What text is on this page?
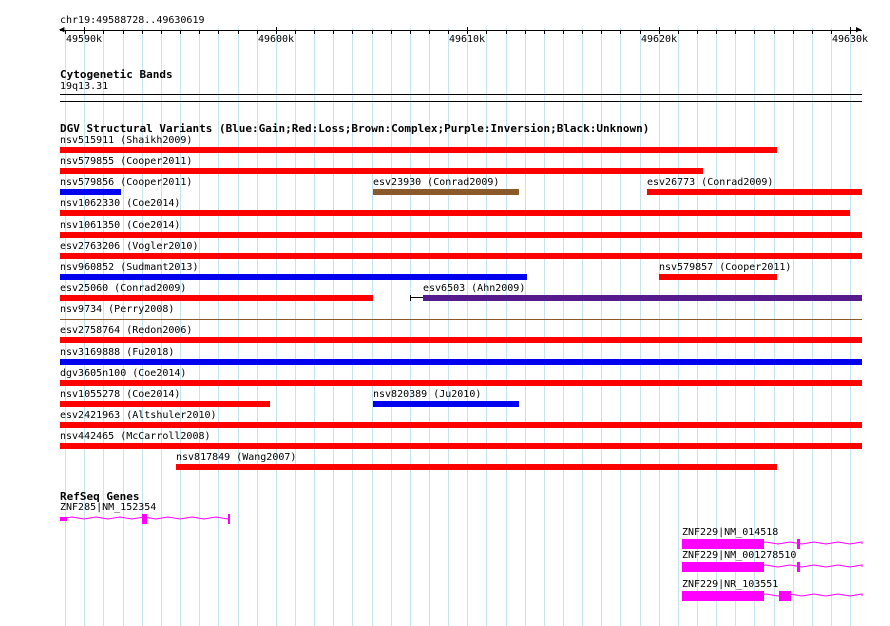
chr19:49588728..49630619
◀	▶
49590k	49600k	49610k	49620k	49630k
Cytogenetic Bands
19q13.31
DGV Structural Variants (Blue:Gain;Red:Loss;Brown:Complex;Purple:Inversion;Black:Unknown)
nsv515911 (Shaikh2009)
nsv579855 (Cooper2011)
nsv579856 (Cooper2011)	esv23930 (Conrad2009)	esv26773 (Conrad2009)
nsv1062330 (Coe2014)
nsv1061350 (Coe2014)
esv2763206 (Vogler2010)
nsv960852 (Sudmant2013)	nsv579857 (Cooper2011)
esv25060 (Conrad2009)	esv6503 (Ahn2009)
nsv9734 (Perry2008)
esv2758764 (Redon2006)
nsv3169888 (Fu2018)
dgv3605n100 (Coe2014)
nsv1055278 (Coe2014)	nsv820389 (Ju2010)
esv2421963 (Altshuler2010)
nsv442465 (McCarroll2008)
nsv817849 (Wang2007)
RefSeq Genes
ZNF285|NM_152354
ZNF229|NM_014518
ZNF229|NM_001278510
ZNF229|NR_103551
